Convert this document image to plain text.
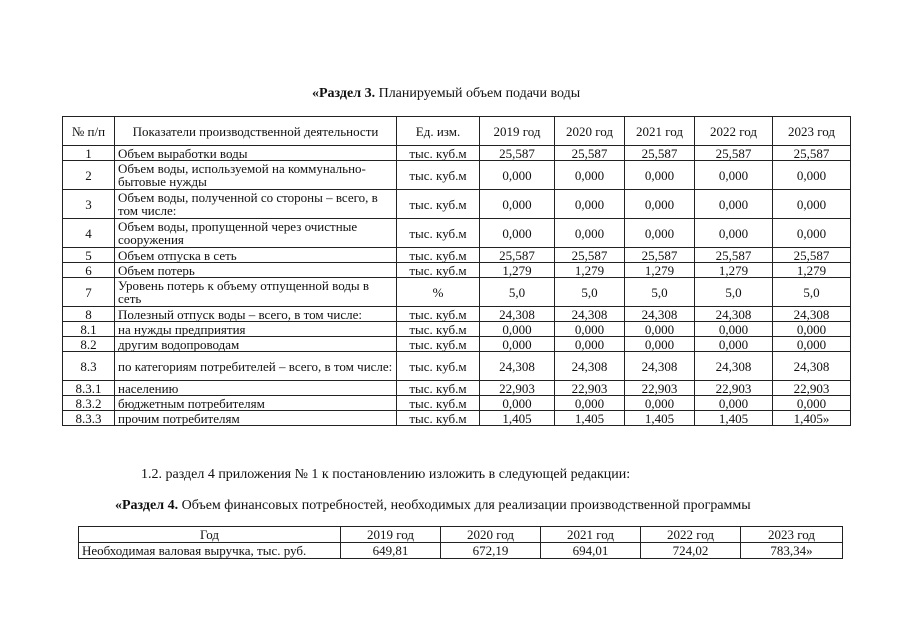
«Раздел 3. Планируемый объем подачи воды
№ п/п	Показатели производственной деятельности	Ед. изм.	2019 год	2020 год	2021 год	2022 год	2023 год
1	Объем выработки воды	тыс. куб.м	25,587	25,587	25,587	25,587	25,587
2	Объем воды, используемой на коммунально-бытовые нужды	тыс. куб.м	0,000	0,000	0,000	0,000	0,000
3	Объем воды, полученной со стороны – всего, в том числе:	тыс. куб.м	0,000	0,000	0,000	0,000	0,000
4	Объем воды, пропущенной через очистные сооружения	тыс. куб.м	0,000	0,000	0,000	0,000	0,000
5	Объем отпуска в сеть	тыс. куб.м	25,587	25,587	25,587	25,587	25,587
6	Объем потерь	тыс. куб.м	1,279	1,279	1,279	1,279	1,279
7	Уровень потерь к объему отпущенной воды в сеть	%	5,0	5,0	5,0	5,0	5,0
8	Полезный отпуск воды – всего, в том числе:	тыс. куб.м	24,308	24,308	24,308	24,308	24,308
8.1	на нужды предприятия	тыс. куб.м	0,000	0,000	0,000	0,000	0,000
8.2	другим водопроводам	тыс. куб.м	0,000	0,000	0,000	0,000	0,000
8.3	по категориям потребителей – всего, в том числе:	тыс. куб.м	24,308	24,308	24,308	24,308	24,308
8.3.1	населению	тыс. куб.м	22,903	22,903	22,903	22,903	22,903
8.3.2	бюджетным потребителям	тыс. куб.м	0,000	0,000	0,000	0,000	0,000
8.3.3	прочим потребителям	тыс. куб.м	1,405	1,405	1,405	1,405	1,405»
1.2. раздел 4 приложения № 1 к постановлению изложить в следующей редакции:
«Раздел 4. Объем финансовых потребностей, необходимых для реализации производственной программы
Год	2019 год	2020 год	2021 год	2022 год	2023 год
Необходимая валовая выручка, тыс. руб.	649,81	672,19	694,01	724,02	783,34»
